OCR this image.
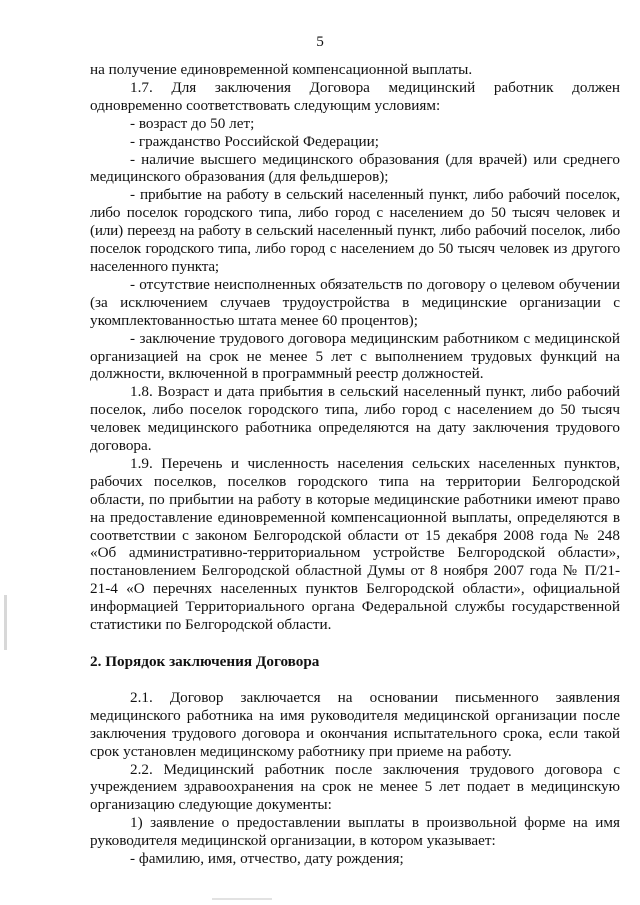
5

на получение единовременной компенсационной выплаты.

1.7. Для заключения Договора медицинский работник должен одновременно соответствовать следующим условиям:

- возраст до 50 лет;

- гражданство Российской Федерации;

- наличие высшего медицинского образования (для врачей) или среднего медицинского образования (для фельдшеров);

- прибытие на работу в сельский населенный пункт, либо рабочий поселок, либо поселок городского типа, либо город с населением до 50 тысяч человек и (или) переезд на работу в сельский населенный пункт, либо рабочий поселок, либо поселок городского типа, либо город с населением до 50 тысяч человек из другого населенного пункта;

- отсутствие неисполненных обязательств по договору о целевом обучении (за исключением случаев трудоустройства в медицинские организации с укомплектованностью штата менее 60 процентов);

- заключение трудового договора медицинским работником с медицинской организацией на срок не менее 5 лет с выполнением трудовых функций на должности, включенной в программный реестр должностей.

1.8. Возраст и дата прибытия в сельский населенный пункт, либо рабочий поселок, либо поселок городского типа, либо город с населением до 50 тысяч человек медицинского работника определяются на дату заключения трудового договора.

1.9. Перечень и численность населения сельских населенных пунктов, рабочих поселков, поселков городского типа на территории Белгородской области, по прибытии на работу в которые медицинские работники имеют право на предоставление единовременной компенсационной выплаты, определяются в соответствии с законом Белгородской области от 15 декабря 2008 года № 248 «Об административно-территориальном устройстве Белгородской области», постановлением Белгородской областной Думы от 8 ноября 2007 года № П/21-21-4 «О перечнях населенных пунктов Белгородской области», официальной информацией Территориального органа Федеральной службы государственной статистики по Белгородской области.

2. Порядок заключения Договора

2.1. Договор заключается на основании письменного заявления медицинского работника на имя руководителя медицинской организации после заключения трудового договора и окончания испытательного срока, если такой срок установлен медицинскому работнику при приеме на работу.

2.2. Медицинский работник после заключения трудового договора с учреждением здравоохранения на срок не менее 5 лет подает в медицинскую организацию следующие документы:

1) заявление о предоставлении выплаты в произвольной форме на имя руководителя медицинской организации, в котором указывает:

- фамилию, имя, отчество, дату рождения;
